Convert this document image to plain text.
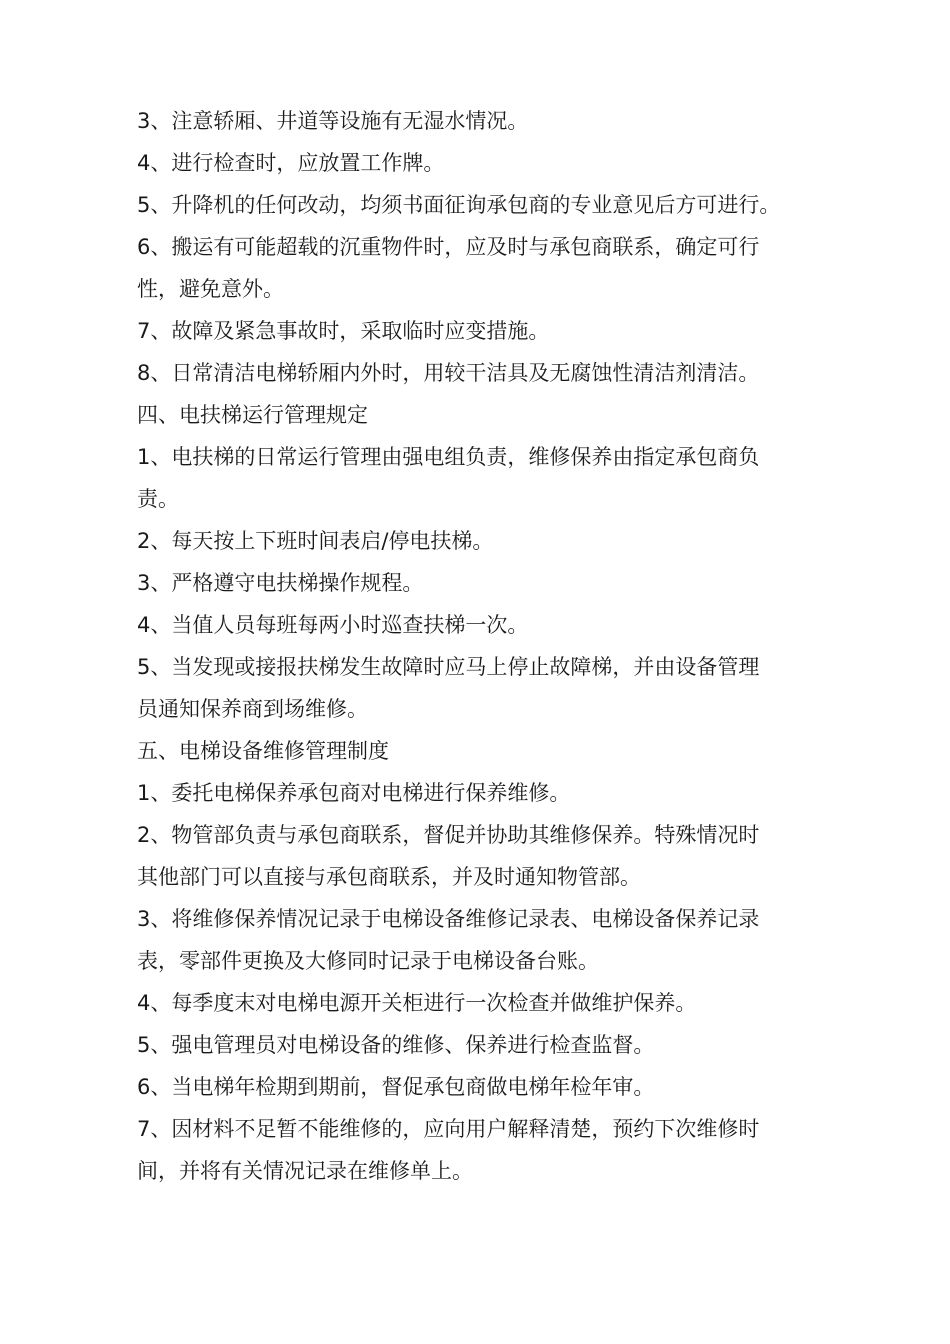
3、注意轿厢、井道等设施有无湿水情况。
4、进行检查时，应放置工作牌。
5、升降机的任何改动，均须书面征询承包商的专业意见后方可进行。
6、搬运有可能超载的沉重物件时，应及时与承包商联系，确定可行
性，避免意外。
7、故障及紧急事故时，采取临时应变措施。
8、日常清洁电梯轿厢内外时，用较干洁具及无腐蚀性清洁剂清洁。
四、电扶梯运行管理规定
1、电扶梯的日常运行管理由强电组负责，维修保养由指定承包商负
责。
2、每天按上下班时间表启/停电扶梯。
3、严格遵守电扶梯操作规程。
4、当值人员每班每两小时巡查扶梯一次。
5、当发现或接报扶梯发生故障时应马上停止故障梯，并由设备管理
员通知保养商到场维修。
五、电梯设备维修管理制度
1、委托电梯保养承包商对电梯进行保养维修。
2、物管部负责与承包商联系，督促并协助其维修保养。特殊情况时
其他部门可以直接与承包商联系，并及时通知物管部。
3、将维修保养情况记录于电梯设备维修记录表、电梯设备保养记录
表，零部件更换及大修同时记录于电梯设备台账。
4、每季度末对电梯电源开关柜进行一次检查并做维护保养。
5、强电管理员对电梯设备的维修、保养进行检查监督。
6、当电梯年检期到期前，督促承包商做电梯年检年审。
7、因材料不足暂不能维修的，应向用户解释清楚，预约下次维修时
间，并将有关情况记录在维修单上。
